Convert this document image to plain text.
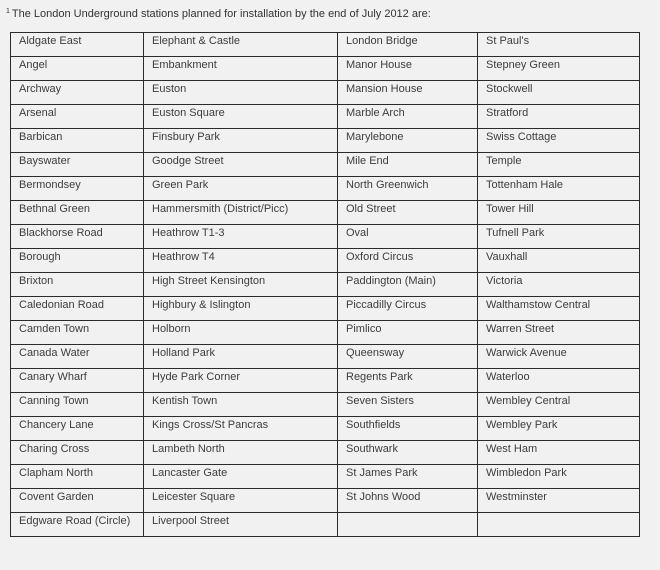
$^1$ The London Underground stations planned for installation by the end of July 2012 are:
Aldgate East	Elephant & Castle	London Bridge	St Paul's
Angel	Embankment	Manor House	Stepney Green
Archway	Euston	Mansion House	Stockwell
Arsenal	Euston Square	Marble Arch	Stratford
Barbican	Finsbury Park	Marylebone	Swiss Cottage
Bayswater	Goodge Street	Mile End	Temple
Bermondsey	Green Park	North Greenwich	Tottenham Hale
Bethnal Green	Hammersmith (District/Picc)	Old Street	Tower Hill
Blackhorse Road	Heathrow T1-3	Oval	Tufnell Park
Borough	Heathrow T4	Oxford Circus	Vauxhall
Brixton	High Street Kensington	Paddington (Main)	Victoria
Caledonian Road	Highbury & Islington	Piccadilly Circus	Walthamstow Central
Camden Town	Holborn	Pimlico	Warren Street
Canada Water	Holland Park	Queensway	Warwick Avenue
Canary Wharf	Hyde Park Corner	Regents Park	Waterloo
Canning Town	Kentish Town	Seven Sisters	Wembley Central
Chancery Lane	Kings Cross/St Pancras	Southfields	Wembley Park
Charing Cross	Lambeth North	Southwark	West Ham
Clapham North	Lancaster Gate	St James Park	Wimbledon Park
Covent Garden	Leicester Square	St Johns Wood	Westminster
Edgware Road (Circle)	Liverpool Street		
